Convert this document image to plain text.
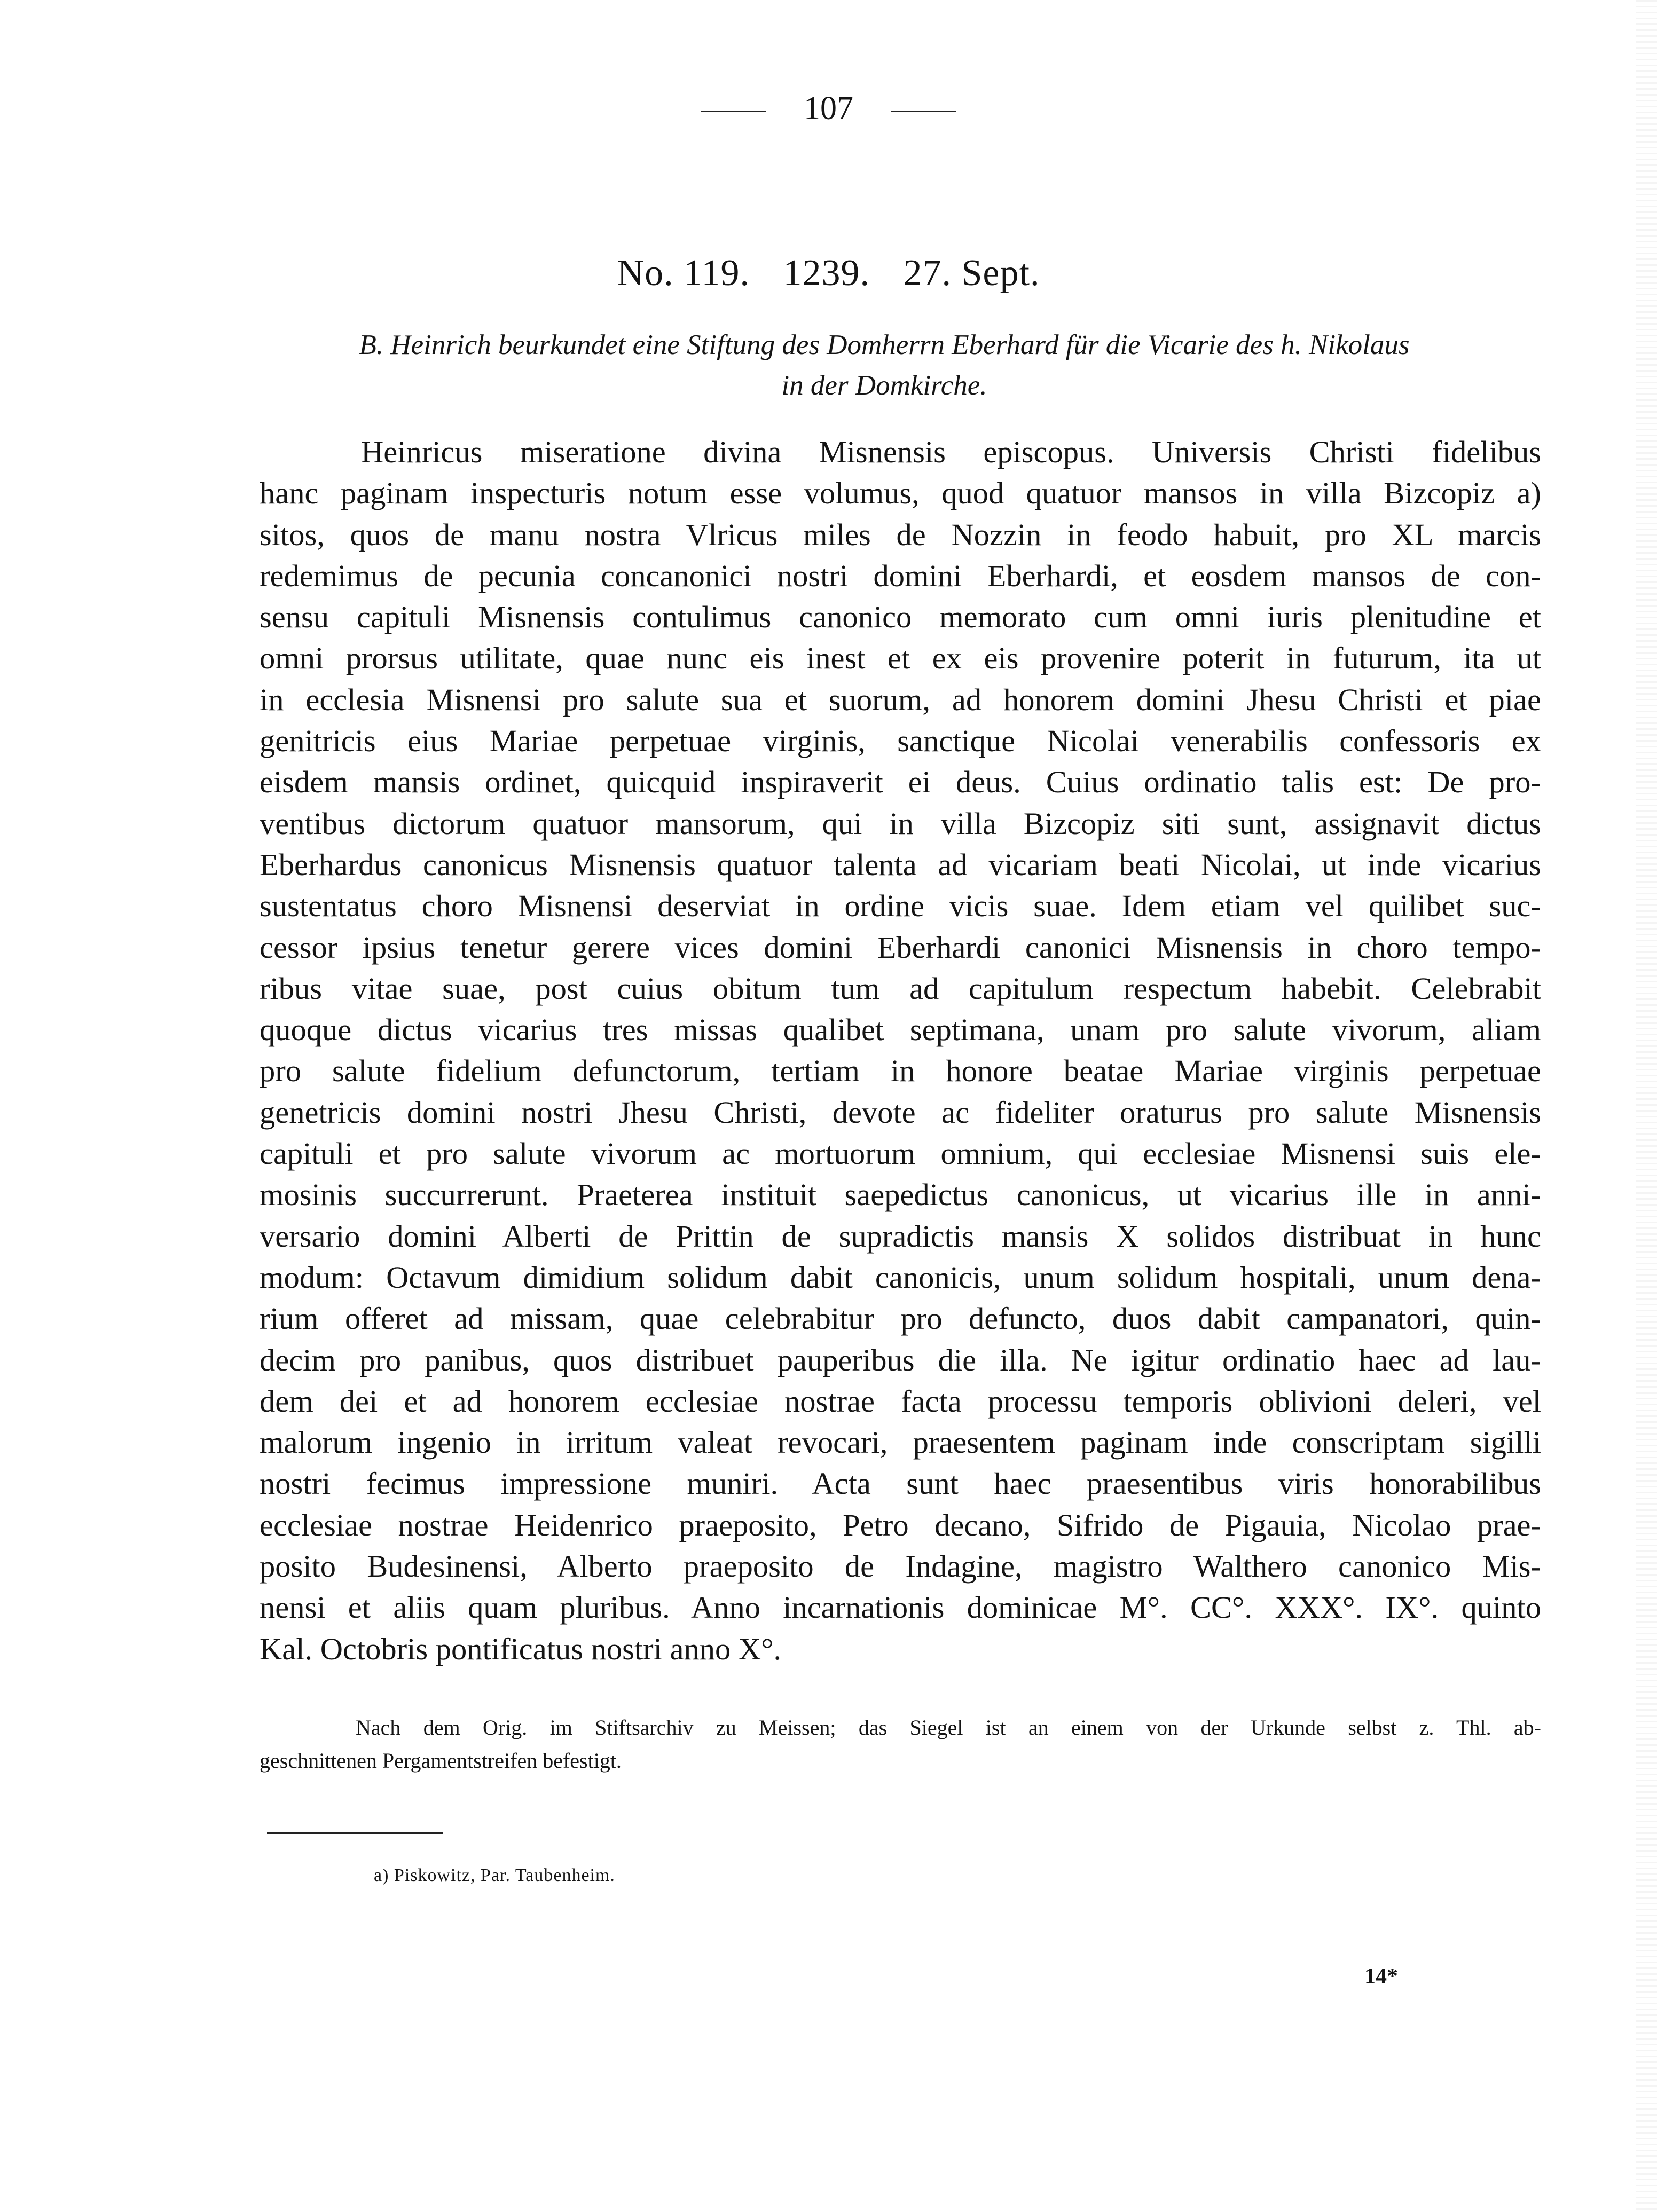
107
No. 119. 1239. 27. Sept.
B. Heinrich beurkundet eine Stiftung des Domherrn Eberhard für die Vicarie des h. Nikolaus
in der Domkirche.
Heinricus miseratione divina Misnensis episcopus. Universis Christi fidelibus
hanc paginam inspecturis notum esse volumus, quod quatuor mansos in villa Bizcopiz a)
sitos, quos de manu nostra Vlricus miles de Nozzin in feodo habuit, pro XL marcis
redemimus de pecunia concanonici nostri domini Eberhardi, et eosdem mansos de con-
sensu capituli Misnensis contulimus canonico memorato cum omni iuris plenitudine et
omni prorsus utilitate, quae nunc eis inest et ex eis provenire poterit in futurum, ita ut
in ecclesia Misnensi pro salute sua et suorum, ad honorem domini Jhesu Christi et piae
genitricis eius Mariae perpetuae virginis, sanctique Nicolai venerabilis confessoris ex
eisdem mansis ordinet, quicquid inspiraverit ei deus. Cuius ordinatio talis est: De pro-
ventibus dictorum quatuor mansorum, qui in villa Bizcopiz siti sunt, assignavit dictus
Eberhardus canonicus Misnensis quatuor talenta ad vicariam beati Nicolai, ut inde vicarius
sustentatus choro Misnensi deserviat in ordine vicis suae. Idem etiam vel quilibet suc-
cessor ipsius tenetur gerere vices domini Eberhardi canonici Misnensis in choro tempo-
ribus vitae suae, post cuius obitum tum ad capitulum respectum habebit. Celebrabit
quoque dictus vicarius tres missas qualibet septimana, unam pro salute vivorum, aliam
pro salute fidelium defunctorum, tertiam in honore beatae Mariae virginis perpetuae
genetricis domini nostri Jhesu Christi, devote ac fideliter oraturus pro salute Misnensis
capituli et pro salute vivorum ac mortuorum omnium, qui ecclesiae Misnensi suis ele-
mosinis succurrerunt. Praeterea instituit saepedictus canonicus, ut vicarius ille in anni-
versario domini Alberti de Prittin de supradictis mansis X solidos distribuat in hunc
modum: Octavum dimidium solidum dabit canonicis, unum solidum hospitali, unum dena-
rium offeret ad missam, quae celebrabitur pro defuncto, duos dabit campanatori, quin-
decim pro panibus, quos distribuet pauperibus die illa. Ne igitur ordinatio haec ad lau-
dem dei et ad honorem ecclesiae nostrae facta processu temporis oblivioni deleri, vel
malorum ingenio in irritum valeat revocari, praesentem paginam inde conscriptam sigilli
nostri fecimus impressione muniri. Acta sunt haec praesentibus viris honorabilibus
ecclesiae nostrae Heidenrico praeposito, Petro decano, Sifrido de Pigauia, Nicolao prae-
posito Budesinensi, Alberto praeposito de Indagine, magistro Walthero canonico Mis-
nensi et aliis quam pluribus. Anno incarnationis dominicae M°. CC°. XXX°. IX°. quinto
Kal. Octobris pontificatus nostri anno X°.
Nach dem Orig. im Stiftsarchiv zu Meissen; das Siegel ist an einem von der Urkunde selbst z. Thl. ab-
geschnittenen Pergamentstreifen befestigt.
a) Piskowitz, Par. Taubenheim.
14*
